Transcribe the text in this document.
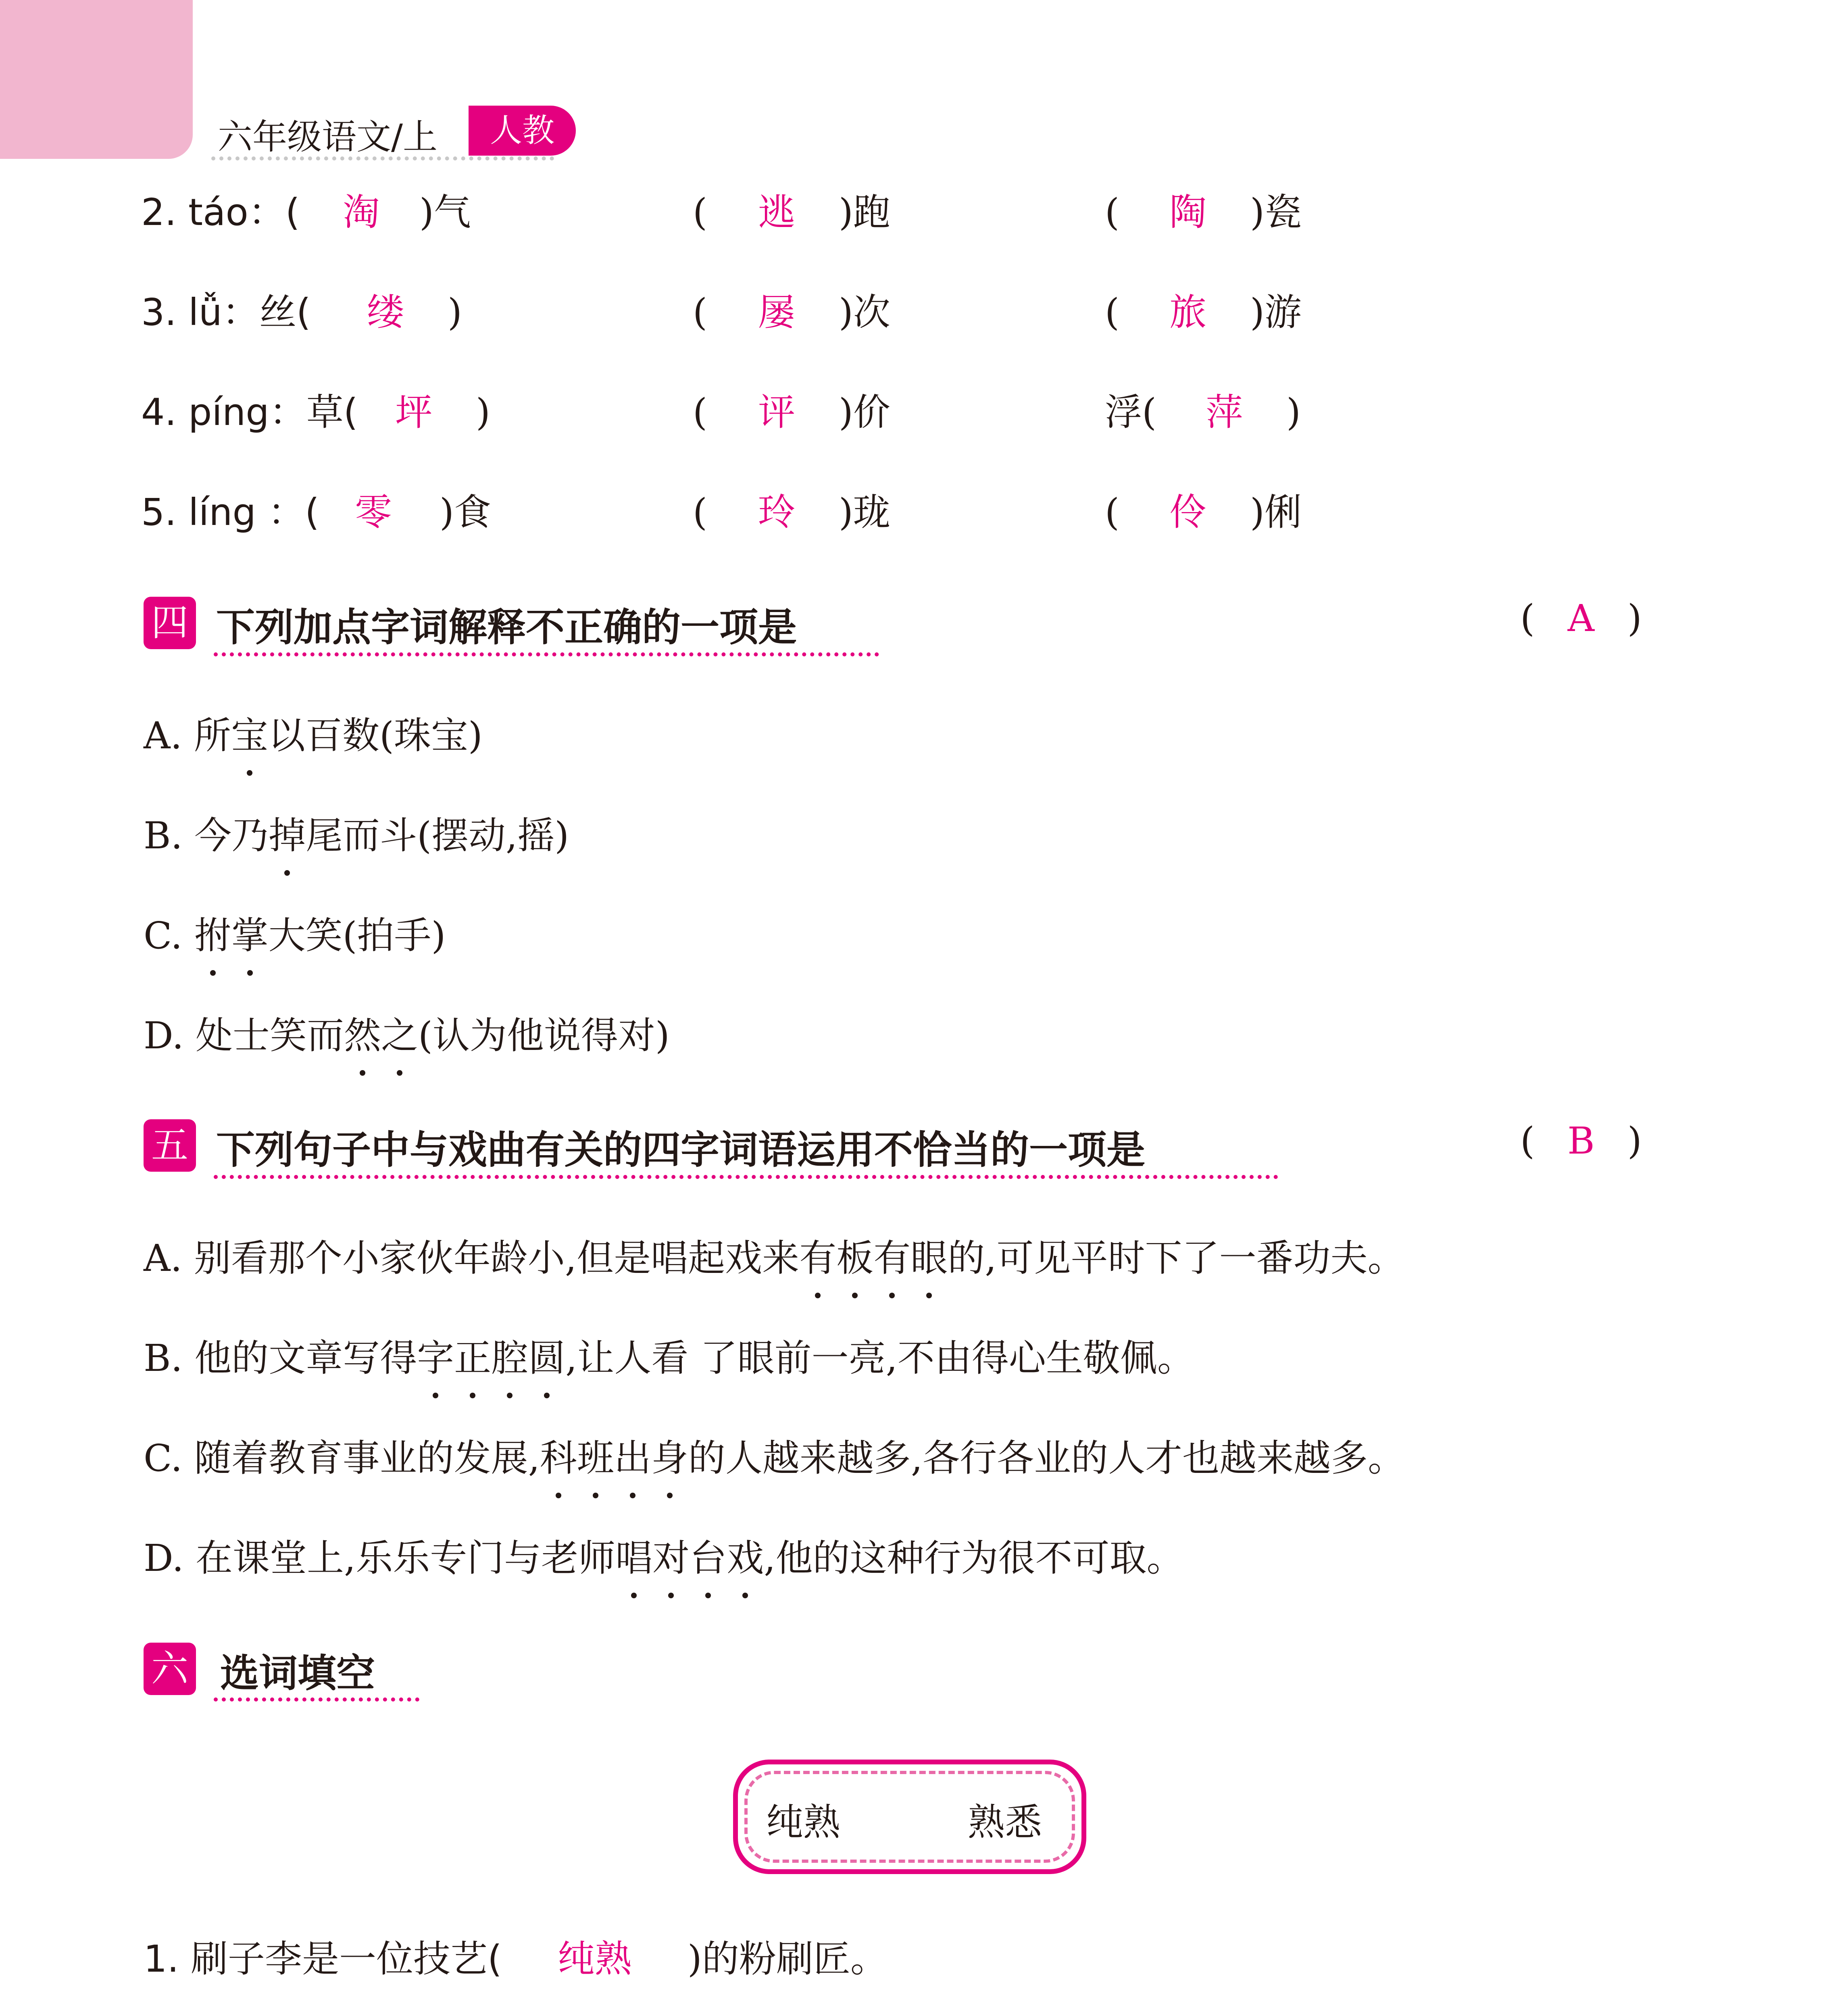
六年级语文/上	人教
2. táo：( 淘 )气	( 逃 )跑	( 陶 )瓷
3. lǚ：丝( 缕 )	( 屡 )次	( 旅 )游
4. píng：草( 坪 )	( 评 )价	浮( 萍 )
5. líng ：( 零 )食	( 玲 )珑	( 伶 )俐
四 下列加点字词解释不正确的一项是	( A )
A. 所宝以百数(珠宝)
B. 今乃掉尾而斗(摆动,摇)
C. 拊掌大笑(拍手)
D. 处士笑而然之(认为他说得对)
五 下列句子中与戏曲有关的四字词语运用不恰当的一项是	( B )
A. 别看那个小家伙年龄小,但是唱起戏来有板有眼的,可见平时下了一番功夫。
B. 他的文章写得字正腔圆,让人看 了眼前一亮,不由得心生敬佩。
C. 随着教育事业的发展,科班出身的人越来越多,各行各业的人才也越来越多。
D. 在课堂上,乐乐专门与老师唱对台戏,他的这种行为很不可取。
六 选词填空
纯熟	熟悉
1. 刷子李是一位技艺( 纯熟 )的粉刷匠。
